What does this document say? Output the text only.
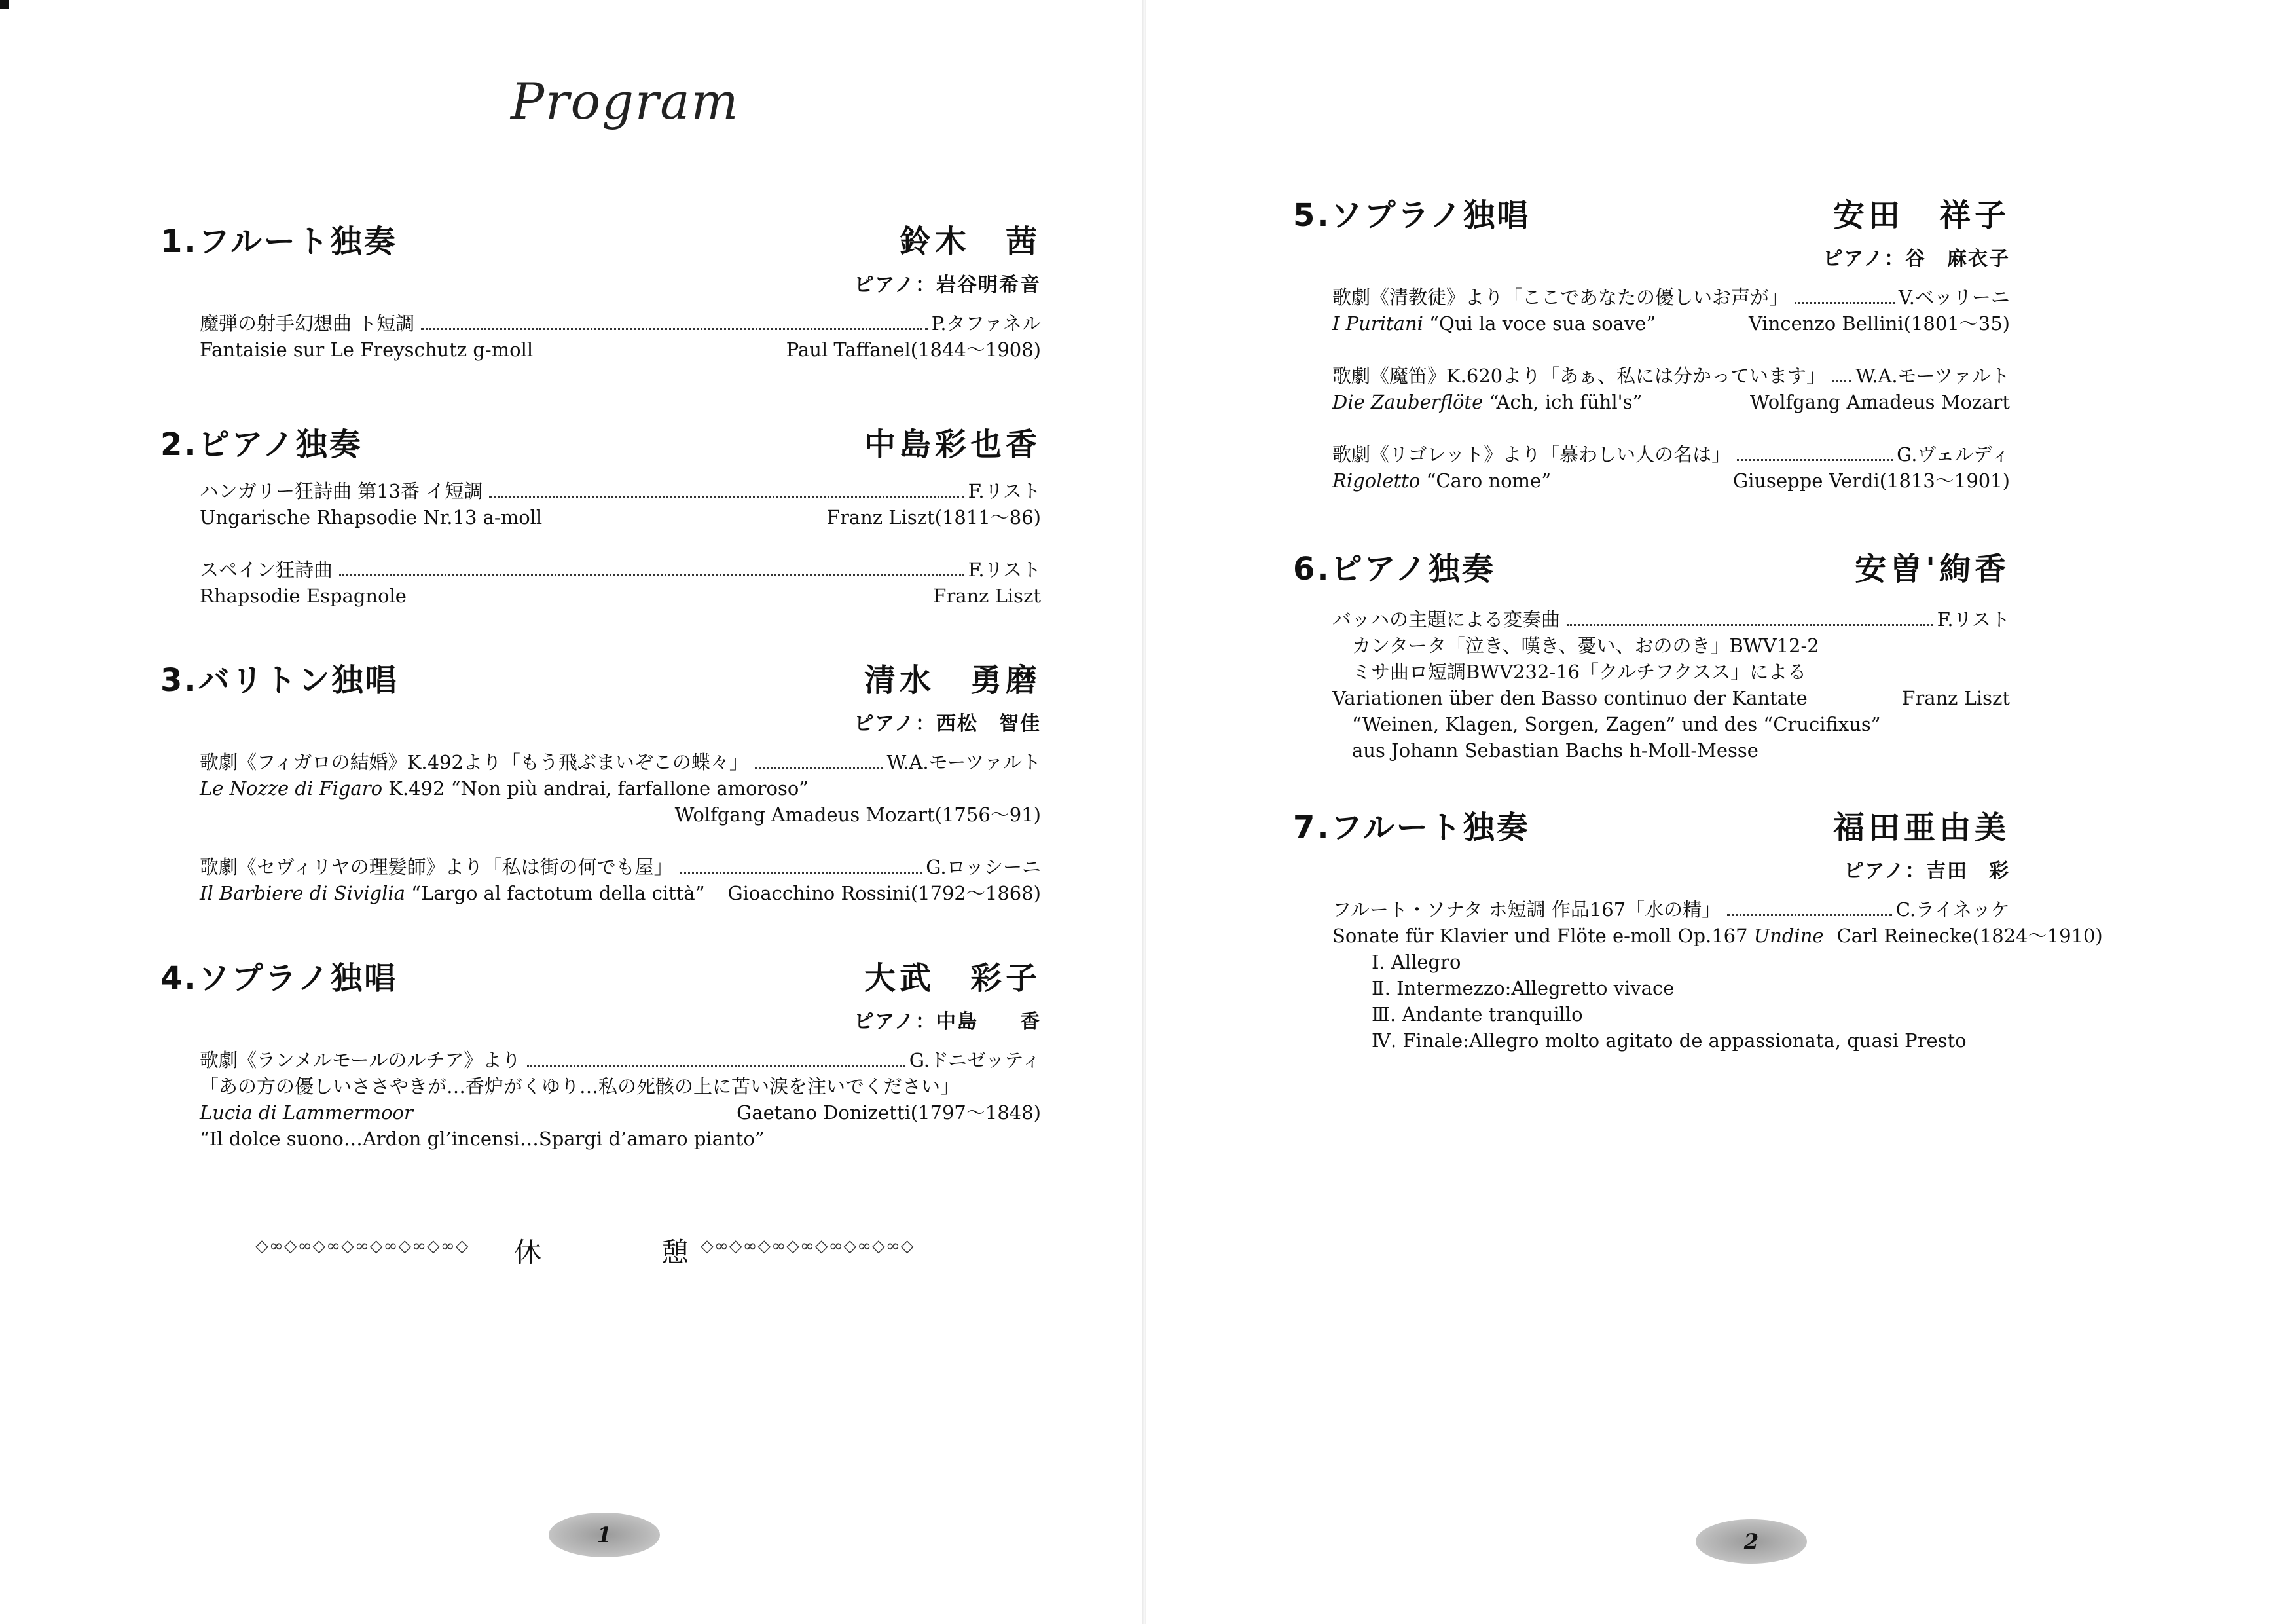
Program
1.フルート独奏	鈴木　茜
ピアノ：岩谷明希音
魔弾の射手幻想曲 ト短調	P.タファネル
Fantaisie sur Le Freyschutz g-moll	Paul Taffanel(1844〜1908)
2.ピアノ独奏	中島彩也香
ハンガリー狂詩曲 第13番 イ短調	F.リスト
Ungarische Rhapsodie Nr.13 a-moll	Franz Liszt(1811〜86)
スペイン狂詩曲	F.リスト
Rhapsodie Espagnole	Franz Liszt
3.バリトン独唱	清水　勇磨
ピアノ：西松　智佳
歌劇《フィガロの結婚》K.492より「もう飛ぶまいぞこの蝶々」	W.A.モーツァルト
Le Nozze di Figaro K.492 “Non più andrai, farfallone amoroso”
Wolfgang Amadeus Mozart(1756〜91)
歌劇《セヴィリヤの理髪師》より「私は街の何でも屋」	G.ロッシーニ
Il Barbiere di Siviglia “Largo al factotum della città”	Gioacchino Rossini(1792〜1868)
4.ソプラノ独唱	大武　彩子
ピアノ：中島　　香
歌劇《ランメルモールのルチア》より	G.ドニゼッティ
「あの方の優しいささやきが…香炉がくゆり…私の死骸の上に苦い涙を注いでください」
Lucia di Lammermoor	Gaetano Donizetti(1797〜1848)
“Il dolce suono…Ardon gl’incensi…Spargi d’amaro pianto”
◇∞◇∞◇∞◇∞◇∞◇∞◇∞◇ 休	憩 ◇∞◇∞◇∞◇∞◇∞◇∞◇∞◇
1
5.ソプラノ独唱	安田　祥子
ピアノ：谷　麻衣子
歌劇《清教徒》より「ここであなたの優しいお声が」	V.ベッリーニ
I Puritani “Qui la voce sua soave”	Vincenzo Bellini(1801〜35)
歌劇《魔笛》K.620より「あぁ、私には分かっています」 W.A.モーツァルト
Die Zauberflöte “Ach, ich fühl's”	Wolfgang Amadeus Mozart
歌劇《リゴレット》より「慕わしい人の名は」	G.ヴェルディ
Rigoletto “Caro nome”	Giuseppe Verdi(1813〜1901)
6.ピアノ独奏	安曽'絢香
バッハの主題による変奏曲	F.リスト
カンタータ「泣き、嘆き、憂い、おののき」BWV12-2
ミサ曲ロ短調BWV232-16「クルチフクスス」による
Variationen über den Basso continuo der Kantate	Franz Liszt
“Weinen, Klagen, Sorgen, Zagen” und des “Crucifixus”
aus Johann Sebastian Bachs h-Moll-Messe
7.フルート独奏	福田亜由美
ピアノ：吉田　彩
フルート・ソナタ ホ短調 作品167「水の精」	C.ライネッケ
Sonate für Klavier und Flöte e-moll Op.167 Undine Carl Reinecke(1824〜1910)
Ⅰ. Allegro
Ⅱ. Intermezzo:Allegretto vivace
Ⅲ. Andante tranquillo
Ⅳ. Finale:Allegro molto agitato de appassionata, quasi Presto
2
